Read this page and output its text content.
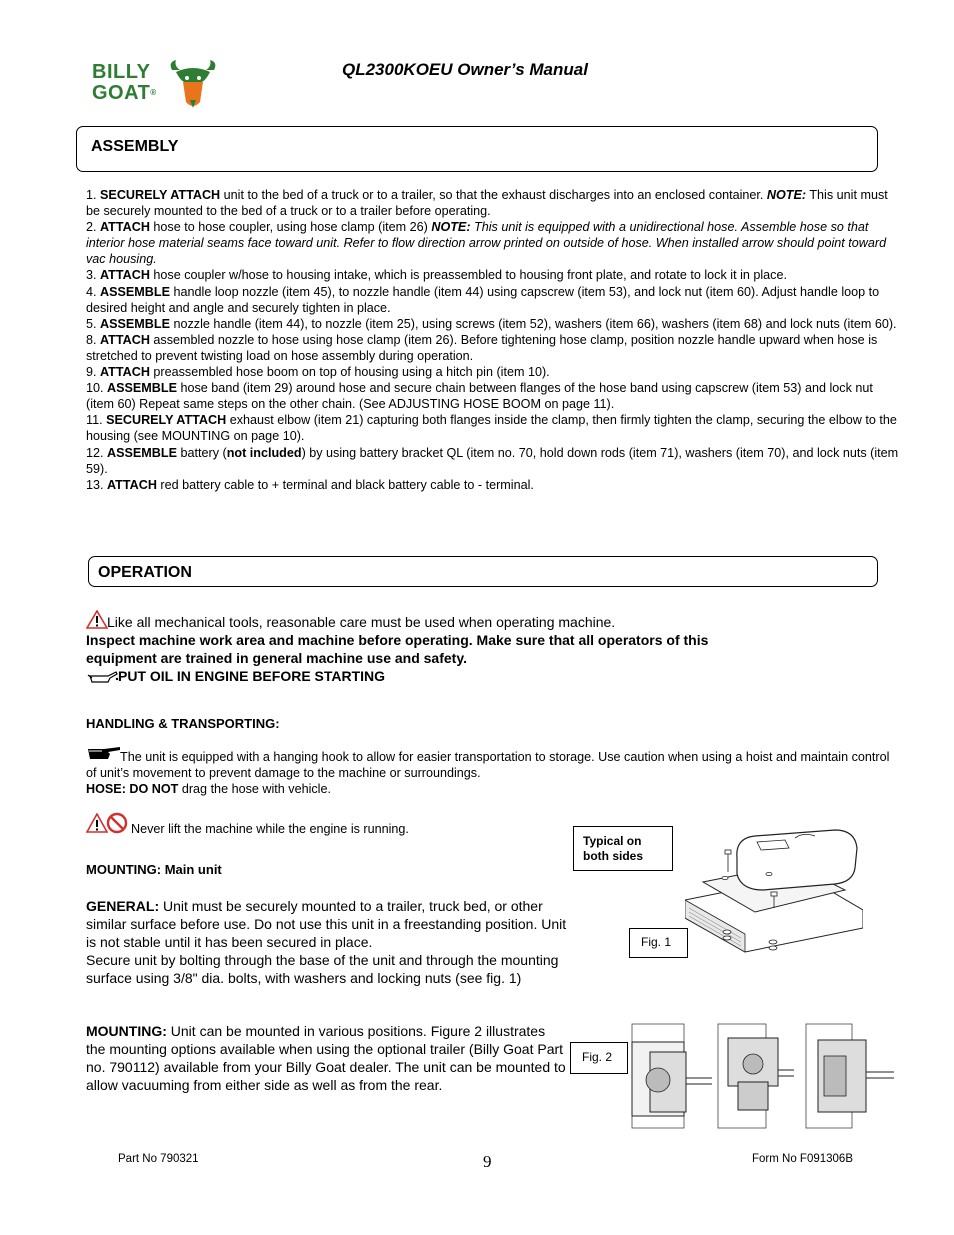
BILLY
GOAT®
QL2300KOEU Owner’s Manual
ASSEMBLY

1. SECURELY ATTACH unit to the bed of a truck or to a trailer, so that the exhaust discharges into an enclosed container. NOTE: This unit must be securely mounted to the bed of a truck or to a trailer before operating.

2. ATTACH hose to hose coupler, using hose clamp (item 26) NOTE: This unit is equipped with a unidirectional hose. Assemble hose so that interior hose material seams face toward unit. Refer to flow direction arrow printed on outside of hose. When installed arrow should point toward vac housing.

3. ATTACH hose coupler w/hose to housing intake, which is preassembled to housing front plate, and rotate to lock it in place.

4. ASSEMBLE handle loop nozzle (item 45), to nozzle handle (item 44) using capscrew (item 53), and lock nut (item 60). Adjust handle loop to desired height and angle and securely tighten in place.

5. ASSEMBLE nozzle handle (item 44), to nozzle (item 25), using screws (item 52), washers (item 66), washers (item 68) and lock nuts (item 60).

8. ATTACH assembled nozzle to hose using hose clamp (item 26). Before tightening hose clamp, position nozzle handle upward when hose is stretched to prevent twisting load on hose assembly during operation.

9. ATTACH preassembled hose boom on top of housing using a hitch pin (item 10).

10. ASSEMBLE hose band (item 29) around hose and secure chain between flanges of the hose band using capscrew (item 53) and lock nut (item 60) Repeat same steps on the other chain. (See ADJUSTING HOSE BOOM on page 11).

11. SECURELY ATTACH exhaust elbow (item 21) capturing both flanges inside the clamp, then firmly tighten the clamp, securing the elbow to the housing (see MOUNTING on page 10).

12. ASSEMBLE battery (not included) by using battery bracket QL (item no. 70, hold down rods (item 71), washers (item 70), and lock nuts (item 59).

13. ATTACH red battery cable to + terminal and black battery cable to - terminal.

OPERATION
Like all mechanical tools, reasonable care must be used when operating machine.
Inspect machine work area and machine before operating. Make sure that all operators of this
equipment are trained in general machine use and safety.
PUT OIL IN ENGINE BEFORE STARTING
HANDLING & TRANSPORTING:
The unit is equipped with a hanging hook to allow for easier transportation to storage. Use caution when using a hoist and maintain control of unit’s movement to prevent damage to the machine or surroundings.
HOSE: DO NOT drag the hose with vehicle.
Never lift the machine while the engine is running.
MOUNTING: Main unit
GENERAL: Unit must be securely mounted to a trailer, truck bed, or other similar surface before use. Do not use this unit in a freestanding position. Unit is not stable until it has been secured in place.
Secure unit by bolting through the base of the unit and through the mounting surface using 3/8" dia. bolts, with washers and locking nuts (see fig. 1)
MOUNTING: Unit can be mounted in various positions. Figure 2 illustrates the mounting options available when using the optional trailer (Billy Goat Part no. 790112) available from your Billy Goat dealer. The unit can be mounted to allow vacuuming from either side as well as from the rear.
Typical on
both sides
Fig. 1
Fig. 2
Part No 790321	9	Form No F091306B
